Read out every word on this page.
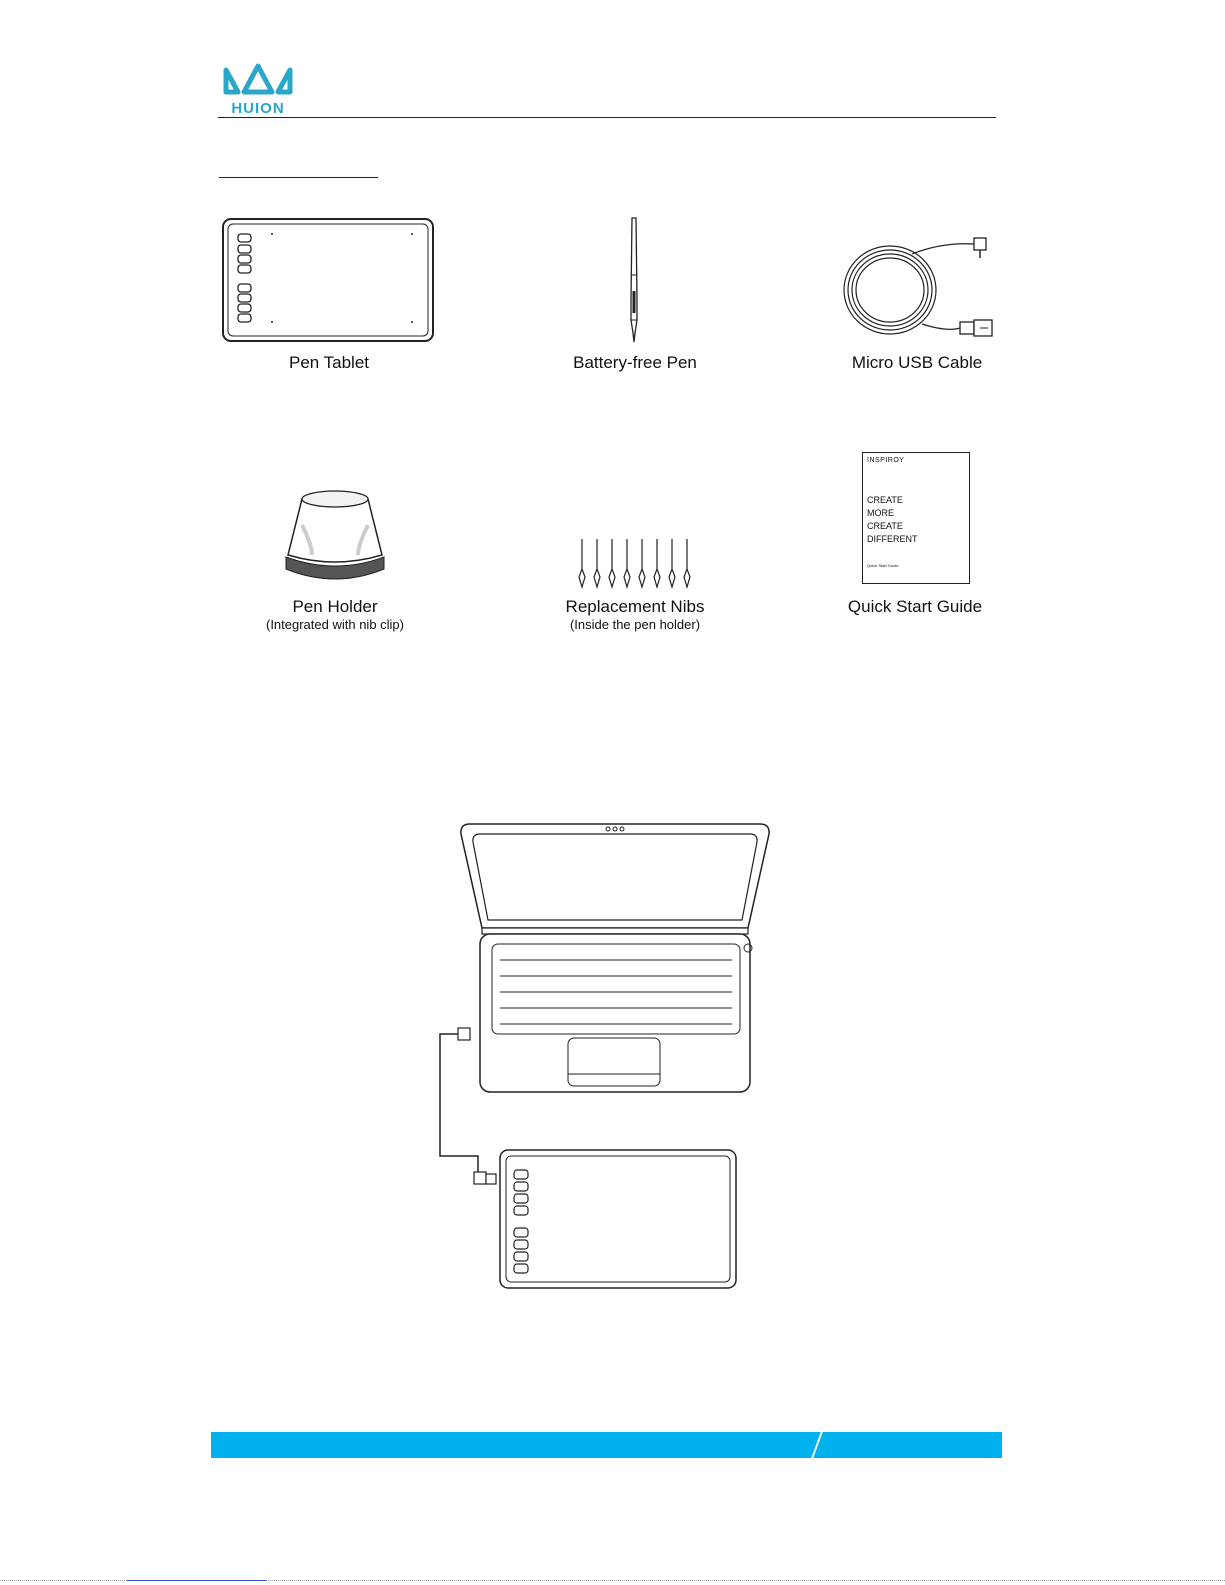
HUION
Pen Tablet	Battery-free Pen	Micro USB Cable
Pen Holder
(Integrated with nib clip)
Replacement Nibs
(Inside the pen holder)
INSPIROY
CREATE
MORE
CREATE
DIFFERENT
Quick Start Guide
Quick Start Guide
